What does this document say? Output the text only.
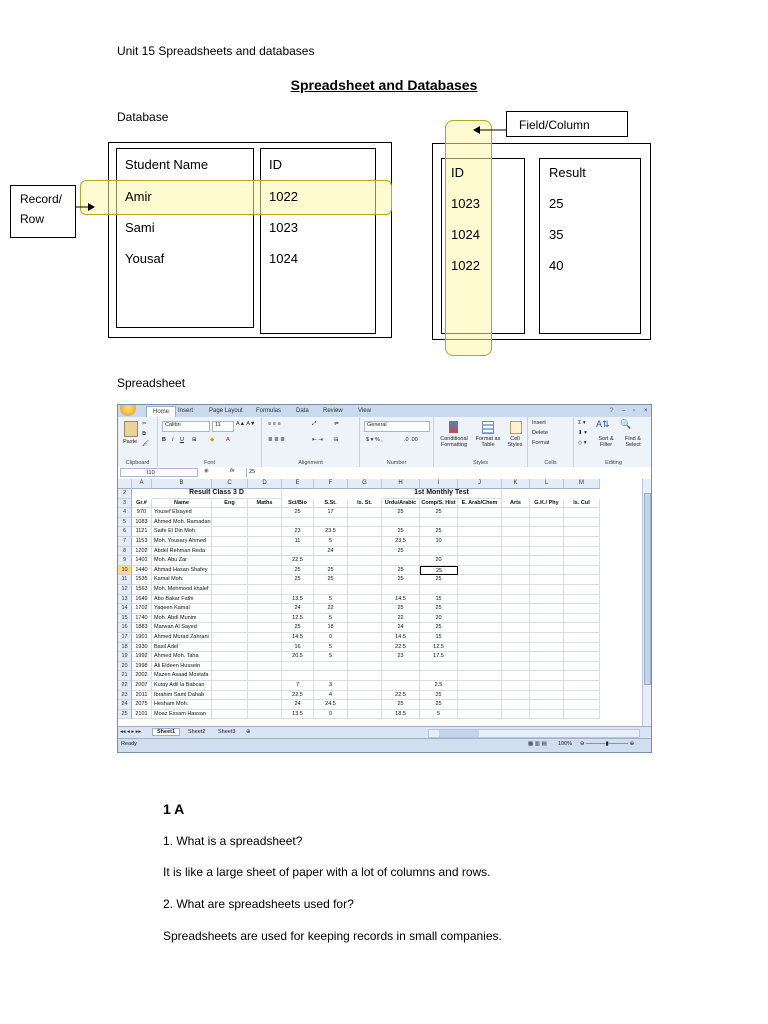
Unit 15 Spreadsheets and databases
Spreadsheet and Databases
Database
Student Name	ID
Amir	1022
Sami	1023
Yousaf	1024
Record/
Row
ID	Result
1023	25
1024	35
1022	40
Field/Column
Spreadsheet
Home	Insert	Page Layout Formulas Data Review	View	? – ▫ ×
Paste
✂
⧉
🖌
Clipboard
Calibri	11	A▲ A▼
B I U ⊞ ◆ A
Font
≡ ≡ ≡	⤢	⇌
≣ ≣ ≣	⇤ ⇥ ⊟
Alignment
General
$ ▾ % ,	.0 .00
Number
Conditional Formatting
Format as Table
Cell Styles
Styles
Insert
Delete
Format
Cells
Σ ▾
⬇ ▾
◇ ▾
A⇅ 🔍
Sort & Filter
Find & Select
Editing
I10	◉	fx	25
A	B	C	D	E	F	G	H	I	J	K	L	M
2	Result Class 3 D	1st Monthly Test
3	Gr.#	Name	Eng	Maths	Sci/Bio	S.St.	Is. St.	Urdu/Arabic Comp/S. Hist	E. Arab/Chem	Arts	G.K./ Phy	Is. Cul
4	970	Yousef Elsayed	25	17	25	25
5	1083	Ahmed Moh. Ramadan
6	1121	Saife El Din Moh.	23	23.5	25	25
7	1153	Moh. Yousary Ahmed	11	5	23.5	10
8	1202	Abdel Rehman Reda	24	25
9	1401	Moh. Abu Zar	22.5	20
10	1440	Ahmad Hasan Shafey	25	25	25	25
11	1535	Kamal Moh.	25	25	25	25
12	1563	Moh. Mehmood khalef
13	1649	Abo Bakar Fathi	13.5	5	14.5	15
14	1702	Yaqeen Kamal	24	22	25	25
15	1740	Moh. Abdl Munim	12.5	5	22	20
16	1883	Marwan Al Sayed	25	18	24	25
17	1901	Ahmed Murad Zahrani	14.5	0	14.5	15
18	1930	Basil Adel	16	5	22.5	12.5
19	1992	Ahmed Moh. Taha	20.5	5	23	17.5
20	1998	Ali Eldeen Hussein
21	2002	Mazen Asaad Mostafa
22	2007	Kutay Adil la Babcan	7	3	2.5
23	2011	Ibrahim Sami Dahab	22.5	4	22.5	25
24	2075	Hesham Moh.	24	24.5	25	25
25	2101	Moaz Essam Hassan	13.5	0	18.5	5
◂◂ ◂ ▸ ▸▸	Sheet1	Sheet2	Sheet3	⊕
Ready	▦ ▥ ▤ 100% ⊖ ─────▮───── ⊕
1 A
1. What is a spreadsheet?
It is like a large sheet of paper with a lot of columns and rows.
2. What are spreadsheets used for?
Spreadsheets are used for keeping records in small companies.
